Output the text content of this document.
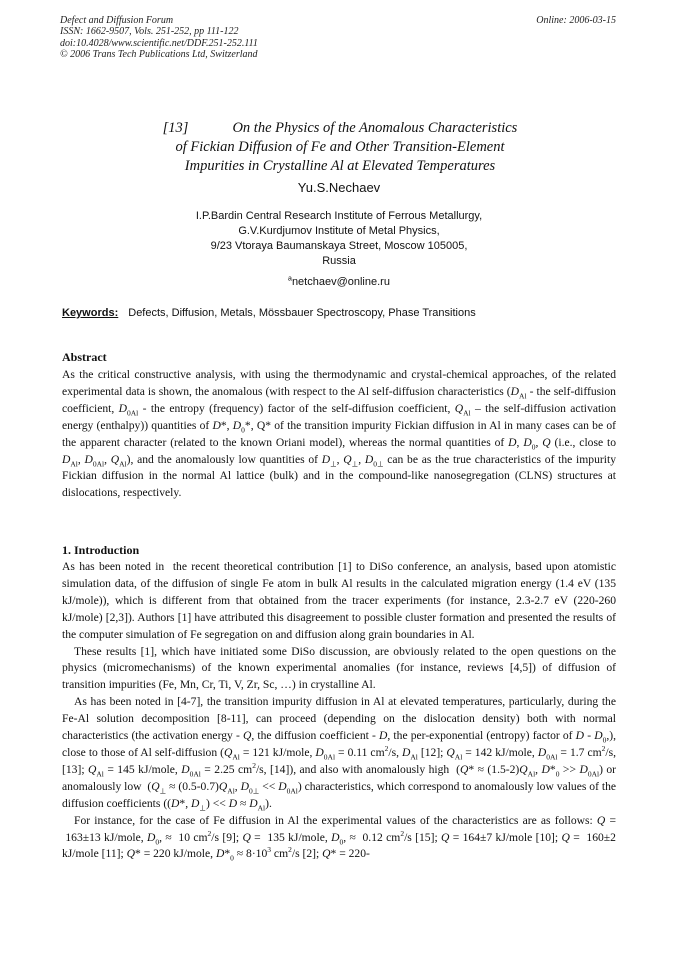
Defect and Diffusion Forum
ISSN: 1662-9507, Vols. 251-252, pp 111-122
doi:10.4028/www.scientific.net/DDF.251-252.111
© 2006 Trans Tech Publications Ltd, Switzerland
Online: 2006-03-15
[13]	On the Physics of the Anomalous Characteristics
of Fickian Diffusion of Fe and Other Transition-Element
Impurities in Crystalline Al at Elevated Temperatures
Yu.S.Nechaev
I.P.Bardin Central Research Institute of Ferrous Metallurgy,
G.V.Kurdjumov Institute of Metal Physics,
9/23 Vtoraya Baumanskaya Street, Moscow 105005,
Russia
$^a$netchaev@online.ru
Keywords: Defects, Diffusion, Metals, Mössbauer Spectroscopy, Phase Transitions
Abstract

As the critical constructive analysis, with using the thermodynamic and crystal-chemical approaches, of the related experimental data is shown, the anomalous (with respect to the Al self-diffusion characteristics ($D_{Al}$ - the self-diffusion coefficient, $D_{0Al}$ - the entropy (frequency) factor of the self-diffusion coefficient, $Q_{Al}$ – the self-diffusion activation energy (enthalpy)) quantities of D*, $D_0*$, Q* of the transition impurity Fickian diffusion in Al in many cases can be of the apparent character (related to the known Oriani model), whereas the normal quantities of D, $D_0$, Q (i.e., close to $D_{Al}$, $D_{0Al}$, $Q_{Al}$), and the anomalously low quantities of $D_\perp$, $Q_\perp$, $D_{0\perp}$ can be as the true characteristics of the impurity Fickian diffusion in the normal Al lattice (bulk) and in the compound-like nanosegregation (CLNS) structures at dislocations, respectively.

1. Introduction

As has been noted in  the recent theoretical contribution [1] to DiSo conference, an analysis, based upon atomistic simulation data, of the diffusion of single Fe atom in bulk Al results in the calculated migration energy (1.4 eV (135 kJ/mole)), which is different from that obtained from the tracer experiments (for instance, 2.3-2.7 eV (220-260 kJ/mole) [2,3]). Authors [1] have attributed this disagreement to possible cluster formation and presented the results of the computer simulation of Fe segregation on and diffusion along grain boundaries in Al.

These results [1], which have initiated some DiSo discussion, are obviously related to the open questions on the physics (micromechanisms) of the known experimental anomalies (for instance, reviews [4,5]) of diffusion of transition impurities (Fe, Mn, Cr, Ti, V, Zr, Sc, …) in crystalline Al.

As has been noted in [4-7], the transition impurity diffusion in Al at elevated temperatures, particularly, during the Fe-Al solution decomposition [8-11], can proceed (depending on the dislocation density) both with normal characteristics (the activation energy - Q, the diffusion coefficient - D, the per-exponential (entropy) factor of D - $D_0$,), close to those of Al self-diffusion ($Q_{Al} = 121$ kJ/mole, $D_{0Al} = 0.11$ $cm^2/s$, $D_{Al}$ [12]; $Q_{Al} = 142$ kJ/mole, $D_{0Al} = 1.7$ $cm^2/s$, [13]; $Q_{Al} = 145$ kJ/mole, $D_{0Al} = 2.25$ $cm^2/s$, [14]), and also with anomalously high  ($Q* \approx (1.5-2)Q_{Al}$, $D*_0 >> D_{0Al}$) or anomalously low  ($Q_\perp \approx (0.5-0.7)Q_{Al}$, $D_{0\perp} << D_{0Al}$) characteristics, which correspond to anomalously low values of the diffusion coefficients ((D*, $D_\perp) << D \approx D_{Al}$).

For instance, for the case of Fe diffusion in Al the experimental values of the characteristics are as follows: Q =  163±13 kJ/mole, $D_0$, ≈  10 $cm^2/s$ [9]; Q =  135 kJ/mole, $D_0$, ≈  0.12 $cm^2/s$ [15]; Q = 164±7 kJ/mole [10]; Q =  160±2 kJ/mole [11]; Q* = 220 kJ/mole, $D*_0 \approx 8\cdot 10^3$ $cm^2/s$ [2]; Q* = 220-
